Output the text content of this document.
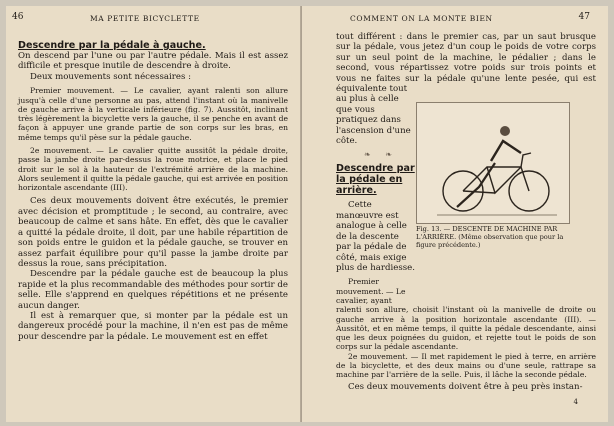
46	MA PETITE BICYCLETTE
Descendre par la pédale à gauche.

On descend par l'une ou par l'autre pédale. Mais il est assez difficile et presque inutile de descendre à droite.

Deux mouvements sont nécessaires :

Premier mouvement. — Le cavalier, ayant ralenti son allure jusqu'à celle d'une personne au pas, attend l'instant où la manivelle de gauche arrive à la verticale inférieure (fig. 7). Aussitôt, inclinant très légèrement la bicyclette vers la gauche, il se penche en avant de façon à appuyer une grande partie de son corps sur les bras, en même temps qu'il pèse sur la pédale gauche.

2e mouvement. — Le cavalier quitte aussitôt la pédale droite, passe la jambe droite par-dessus la roue motrice, et place le pied droit sur le sol à la hauteur de l'extrémité arrière de la machine. Alors seulement il quitte la pédale gauche, qui est arrivée en position horizontale ascendante (III).

Ces deux mouvements doivent être exécutés, le premier avec décision et promptitude ; le second, au contraire, avec beaucoup de calme et sans hâte. En effet, dès que le cavalier a quitté la pédale droite, il doit, par une habile répartition de son poids entre le guidon et la pédale gauche, se trouver en assez parfait équilibre pour qu'il passe la jambe droite par dessus la roue, sans précipitation.

Descendre par la pédale gauche est de beaucoup la plus rapide et la plus recommandable des méthodes pour sortir de selle. Elle s'apprend en quelques répétitions et ne présente aucun danger.

Il est à remarquer que, si monter par la pédale est un dangereux procédé pour la machine, il n'en est pas de même pour descendre par la pédale. Le mouvement est en effet

COMMENT ON LA MONTE BIEN	47

tout différent : dans le premier cas, par un saut brusque sur la pédale, vous jetez d'un coup le poids de votre corps sur un seul point de la machine, le pédalier ; dans le second, vous répartissez votre poids sur trois points et vous ne faites sur la pédale qu'une lente pesée, qui est équivalente tout

au plus à celle que vous pratiquez dans l'ascension d'une côte.

❧ ❧
Descendre par la pédale en arrière.

Cette manœuvre est analogue à celle de la descente par la pédale de côté, mais exige plus de hardiesse.

Premier mouvement. — Le cavalier, ayant

ralenti son allure, choisit l'instant où la manivelle de droite ou gauche arrive à la position horizontale ascendante (III). — Aussitôt, et en même temps, il quitte la pédale descendante, ainsi que les deux poignées du guidon, et rejette tout le poids de son corps sur la pédale ascendante.

2e mouvement. — Il met rapidement le pied à terre, en arrière de la bicyclette, et des deux mains ou d'une seule, rattrape sa machine par l'arrière de la selle. Puis, il lâche la seconde pédale.

Ces deux mouvements doivent être à peu près instan-

Fig. 13. — DESCENTE DE MACHINE PAR L'ARRIÈRE. (Même observation que pour la figure précédente.)
4
